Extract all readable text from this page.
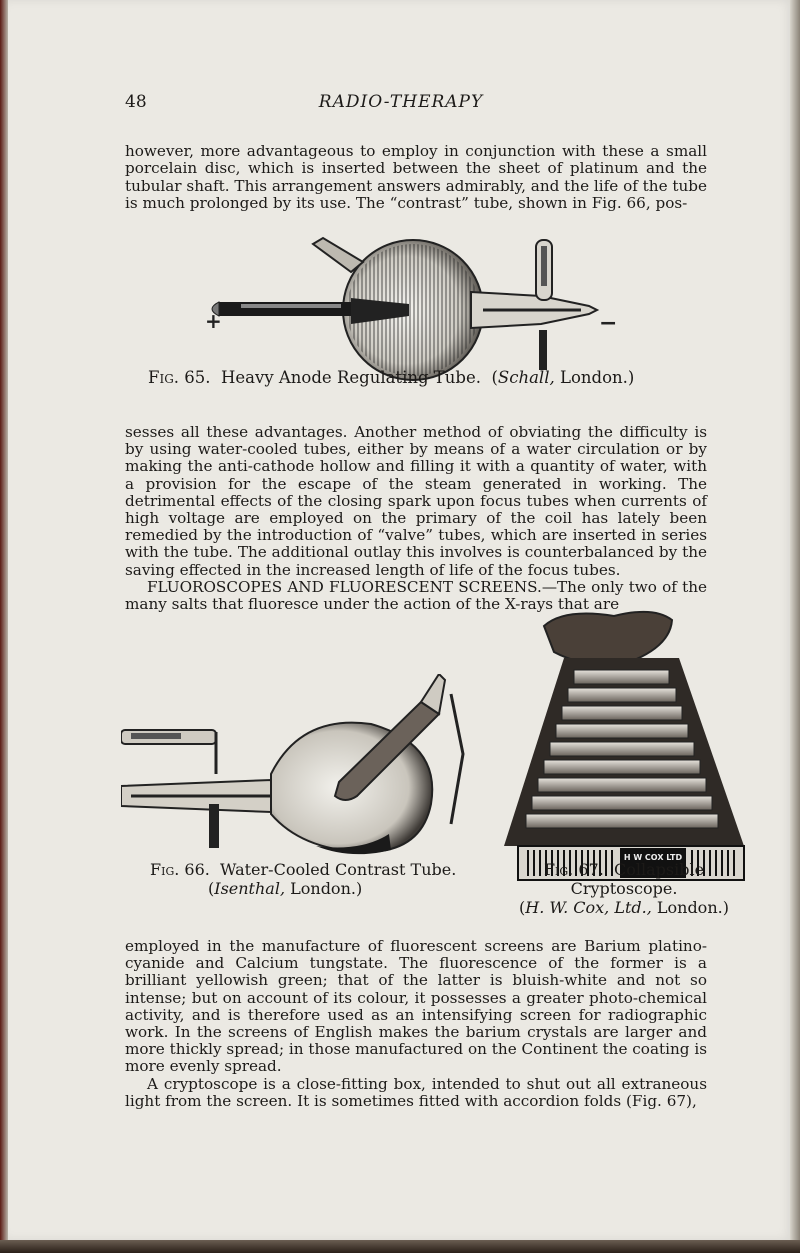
48	RADIO-THERAPY

however, more advantageous to employ in conjunction with these a small porcelain disc, which is inserted between the sheet of platinum and the tubular shaft. This arrangement answers admirably, and the life of the tube is much prolonged by its use. The “contrast” tube, shown in Fig. 66, pos-

+	−
Fig. 65. Heavy Anode Regulating Tube. (Schall, London.)
sesses all these advantages. Another method of obviating the difficulty is by using water-cooled tubes, either by means of a water circulation or by making the anti-cathode hollow and filling it with a quantity of water, with a provision for the escape of the steam generated in working. The detrimental effects of the closing spark upon focus tubes when currents of high voltage are employed on the primary of the coil has lately been remedied by the introduction of “valve” tubes, which are inserted in series with the tube. The additional outlay this involves is counterbalanced by the saving effected in the increased length of life of the focus tubes.
FLUOROSCOPES AND FLUORESCENT SCREENS.—The only two of the many salts that fluoresce under the action of the X-rays that are
H W COX LTD
Fig. 66. Water-Cooled Contrast Tube.
(Isenthal, London.)
Fig. 67. Collapsible Cryptoscope.
(H. W. Cox, Ltd., London.)
employed in the manufacture of fluorescent screens are Barium platino-cyanide and Calcium tungstate. The fluorescence of the former is a brilliant yellowish green; that of the latter is bluish-white and not so intense; but on account of its colour, it possesses a greater photo-chemical activity, and is therefore used as an intensifying screen for radiographic work. In the screens of English makes the barium crystals are larger and more thickly spread; in those manufactured on the Continent the coating is more evenly spread.
A cryptoscope is a close-fitting box, intended to shut out all extraneous light from the screen. It is sometimes fitted with accordion folds (Fig. 67),
